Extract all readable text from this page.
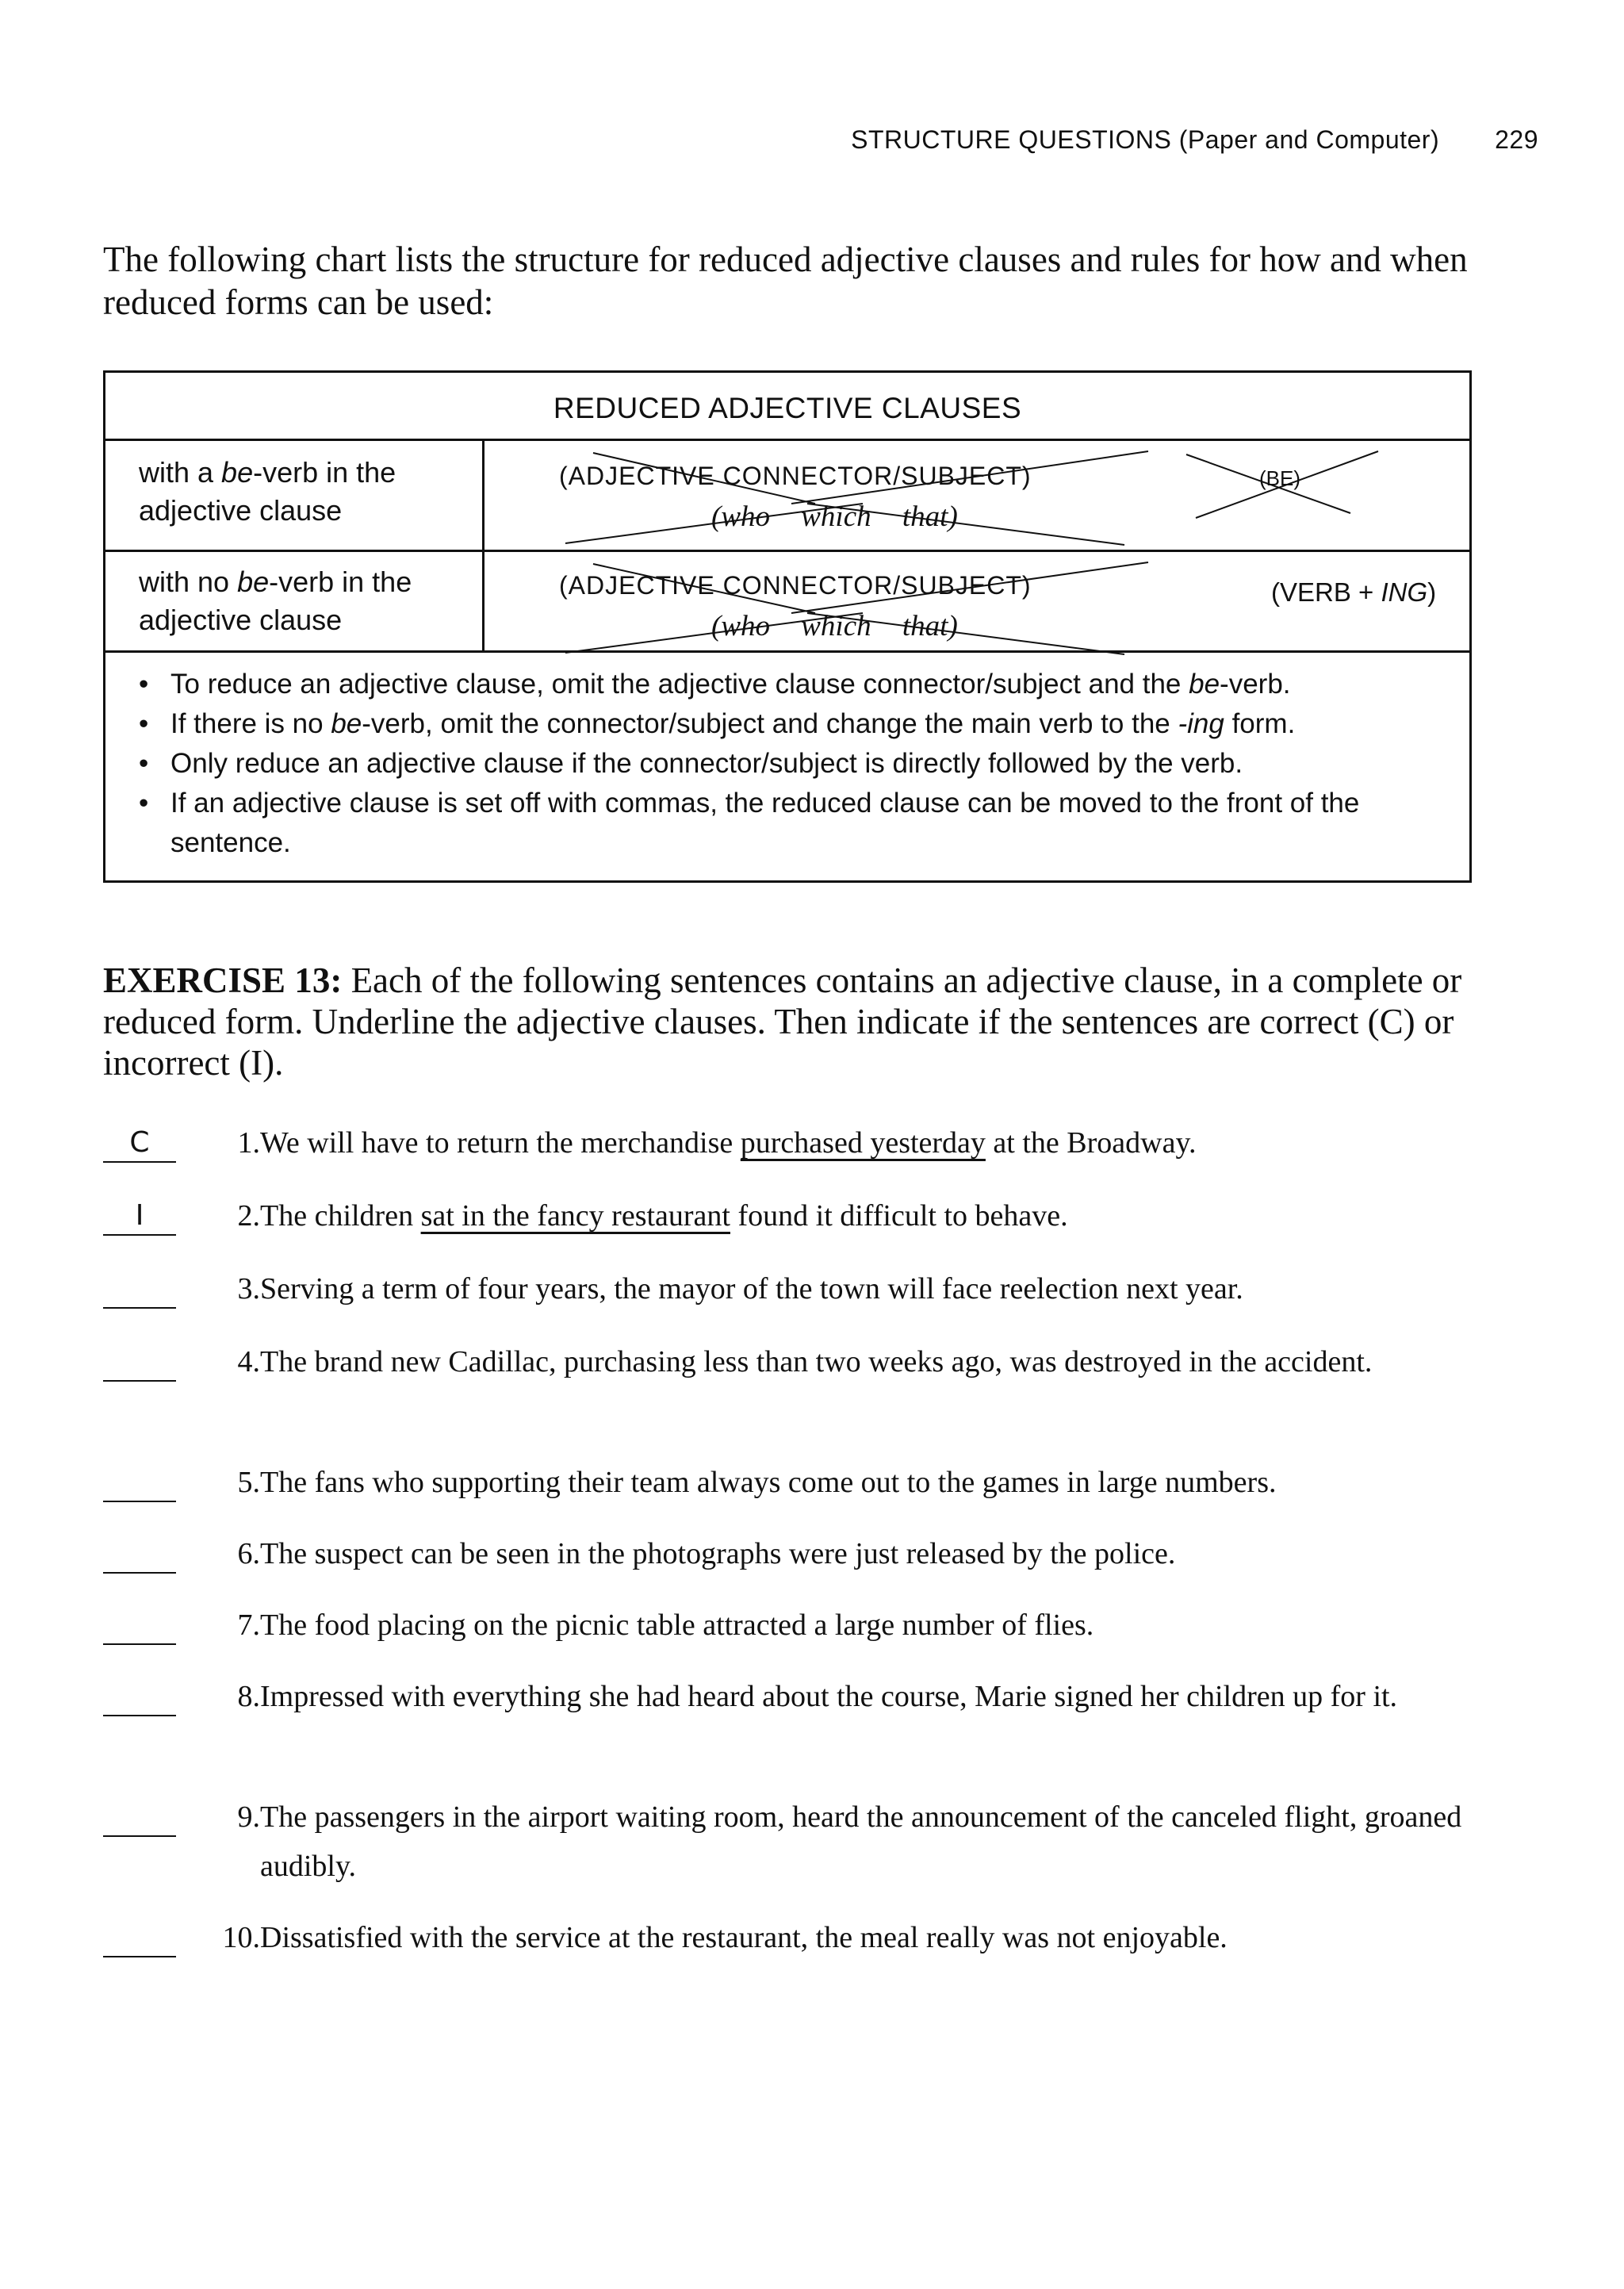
STRUCTURE QUESTIONS (Paper and Computer) 229

The following chart lists the structure for reduced adjective clauses and rules for how and when reduced forms can be used:

REDUCED ADJECTIVE CLAUSES
with a be-verb in the adjective clause
(ADJECTIVE CONNECTOR/SUBJECT)
(who which that)
(BE)
with no be-verb in the adjective clause
(ADJECTIVE CONNECTOR/SUBJECT)
(who which that)
(VERB + ING)
• To reduce an adjective clause, omit the adjective clause connector/subject and the be-verb.
• If there is no be-verb, omit the connector/subject and change the main verb to the -ing form.
• Only reduce an adjective clause if the connector/subject is directly followed by the verb.
• If an adjective clause is set off with commas, the reduced clause can be moved to the front of the sentence.

EXERCISE 13: Each of the following sentences contains an adjective clause, in a complete or reduced form. Underline the adjective clauses. Then indicate if the sentences are correct (C) or incorrect (I).

C	1. We will have to return the merchandise purchased yesterday at the Broadway.
I	2. The children sat in the fancy restaurant found it difficult to behave.
3. Serving a term of four years, the mayor of the town will face reelection next year.
4. The brand new Cadillac, purchasing less than two weeks ago, was destroyed in the accident.
5. The fans who supporting their team always come out to the games in large numbers.
6. The suspect can be seen in the photographs were just released by the police.
7. The food placing on the picnic table attracted a large number of flies.
8. Impressed with everything she had heard about the course, Marie signed her children up for it.
9. The passengers in the airport waiting room, heard the announcement of the canceled flight, groaned audibly.
10. Dissatisfied with the service at the restaurant, the meal really was not enjoyable.
